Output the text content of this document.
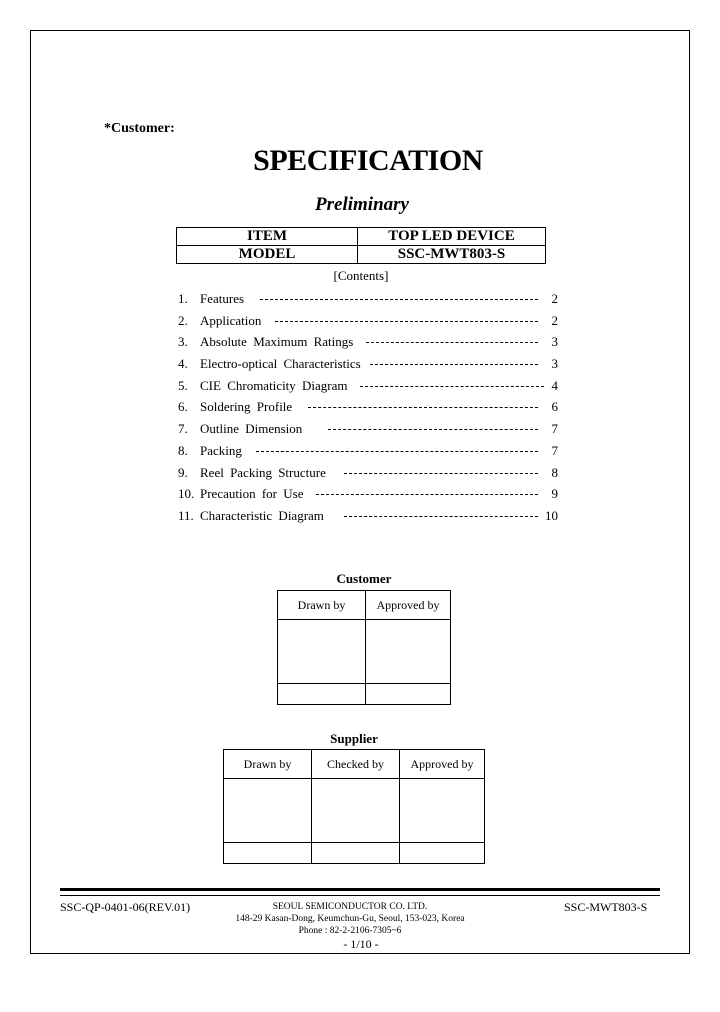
*Customer:
SPECIFICATION
Preliminary
ITEM	TOP LED DEVICE
MODEL	SSC-MWT803-S
[Contents]
1. Features	2
2. Application	2
3. Absolute Maximum Ratings	3
4. Electro-optical Characteristics	3
5. CIE Chromaticity Diagram	4
6. Soldering Profile	6
7. Outline Dimension	7
8. Packing	7
9. Reel Packing Structure	8
10. Precaution for Use	9
11. Characteristic Diagram	10
Customer
Drawn by	Approved by

Supplier
Drawn by	Checked by	Approved by

SSC-QP-0401-06(REV.01)	SEOUL SEMICONDUCTOR CO. LTD.
148-29 Kasan-Dong, Keumchun-Gu, Seoul, 153-023, Korea
Phone : 82-2-2106-7305~6
SSC-MWT803-S
- 1/10 -
